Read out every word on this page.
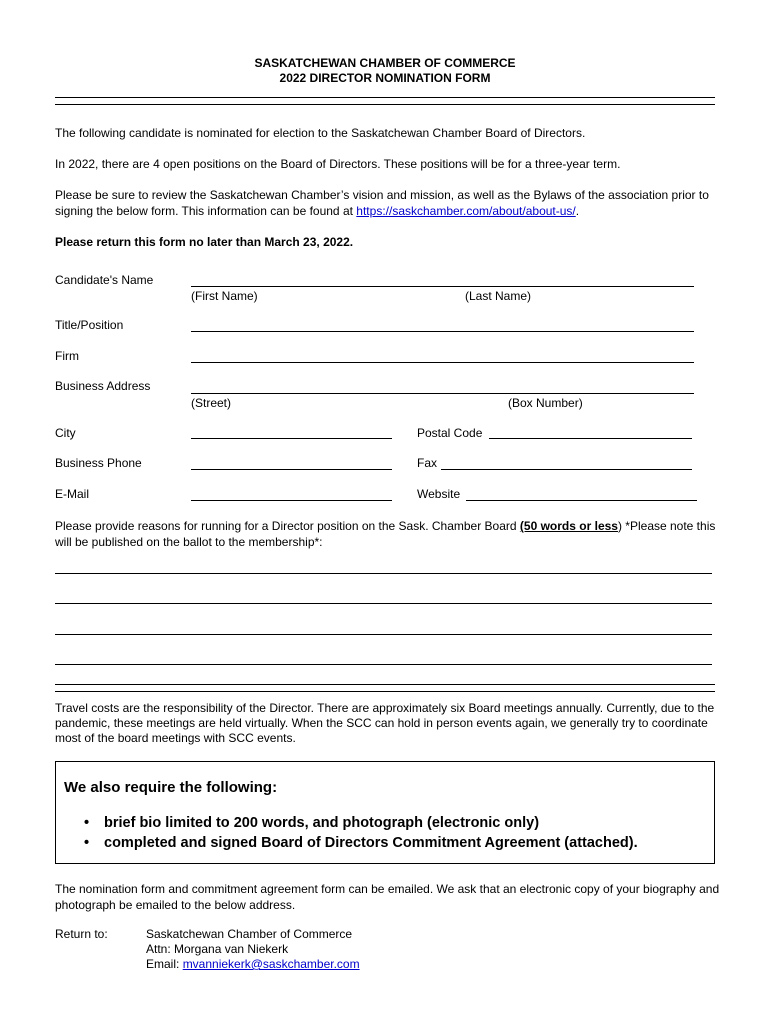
SASKATCHEWAN CHAMBER OF COMMERCE
2022 DIRECTOR NOMINATION FORM
The following candidate is nominated for election to the Saskatchewan Chamber Board of Directors.
In 2022, there are 4 open positions on the Board of Directors. These positions will be for a three-year term.
Please be sure to review the Saskatchewan Chamber’s vision and mission, as well as the Bylaws of the association prior to signing the below form. This information can be found at https://saskchamber.com/about/about-us/.
Please return this form no later than March 23, 2022.
Candidate's Name
(First Name)	(Last Name)
Title/Position
Firm
Business Address
(Street)	(Box Number)
City	Postal Code
Business Phone	Fax
E-Mail	Website
Please provide reasons for running for a Director position on the Sask. Chamber Board (50 words or less) *Please note this will be published on the ballot to the membership*:
Travel costs are the responsibility of the Director. There are approximately six Board meetings annually. Currently, due to the pandemic, these meetings are held virtually. When the SCC can hold in person events again, we generally try to coordinate most of the board meetings with SCC events.
We also require the following:
• brief bio limited to 200 words, and photograph (electronic only)
• completed and signed Board of Directors Commitment Agreement (attached).
The nomination form and commitment agreement form can be emailed. We ask that an electronic copy of your biography and photograph be emailed to the below address.
Return to:	Saskatchewan Chamber of Commerce
Attn: Morgana van Niekerk
Email: mvanniekerk@saskchamber.com
